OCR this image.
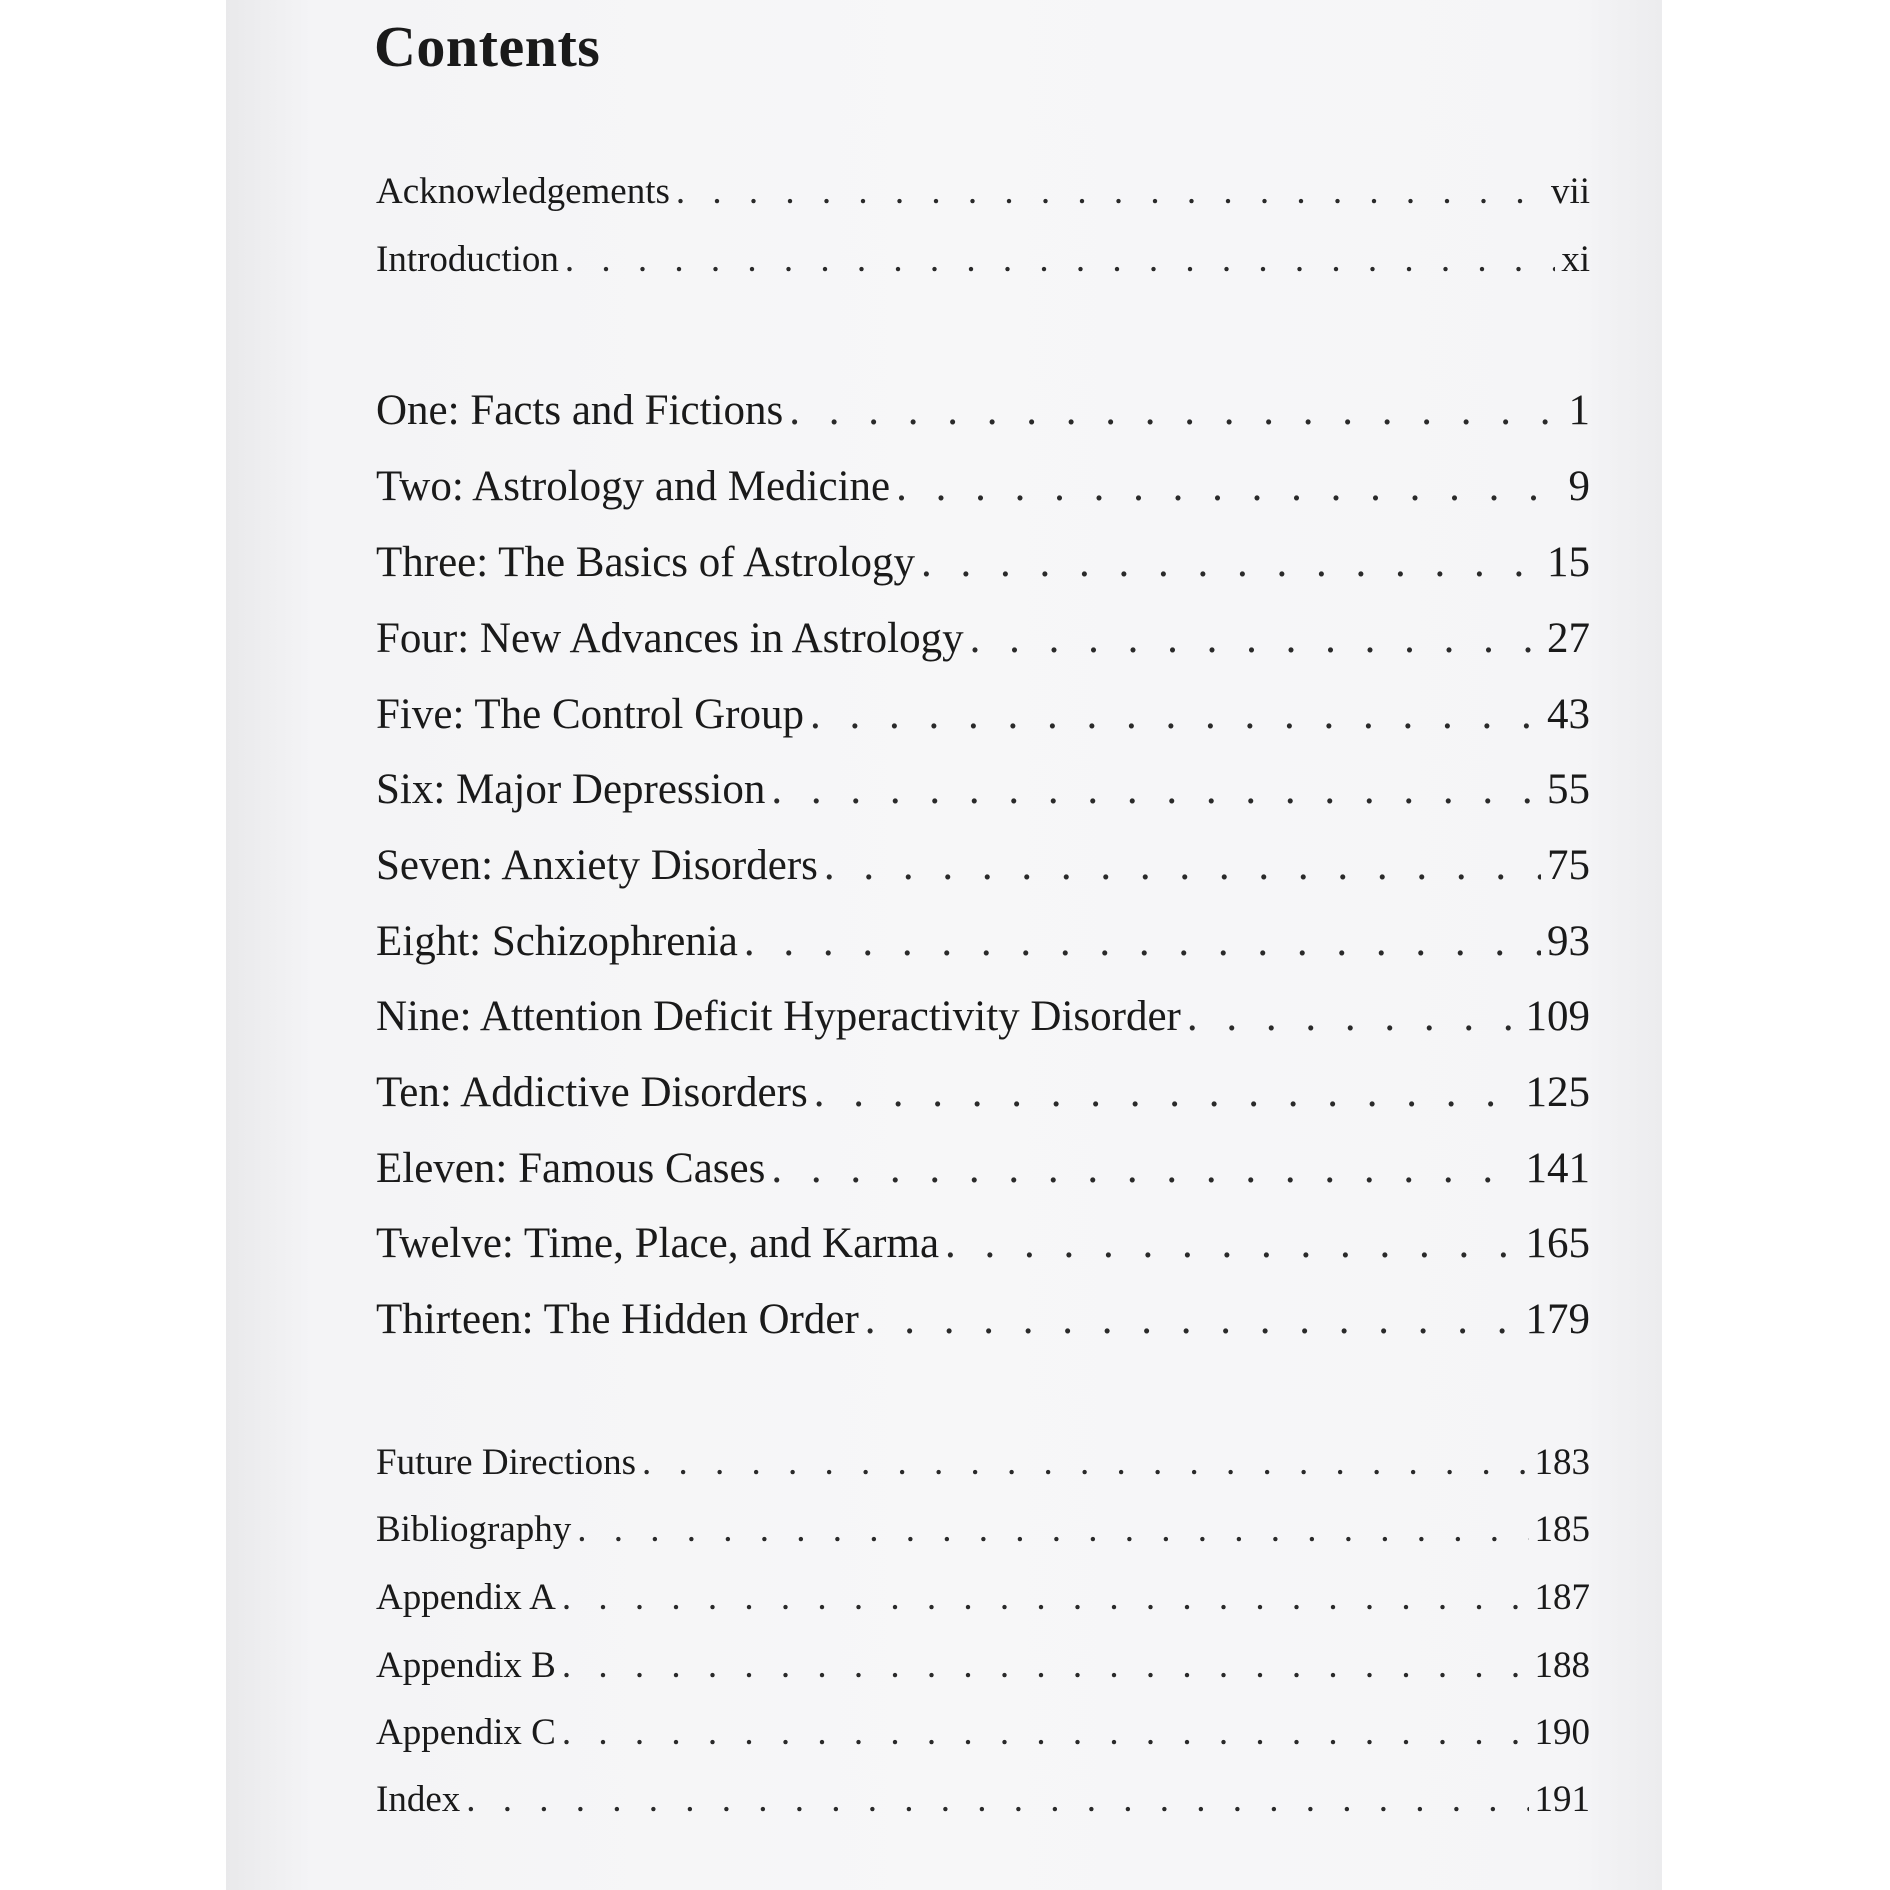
Contents
Acknowledgements . . .	vii
Introduction . . .	xi
One: Facts and Fictions . . .	1
Two: Astrology and Medicine . . .	9
Three: The Basics of Astrology . . .	15
Four: New Advances in Astrology . . .	27
Five: The Control Group . . .	43
Six: Major Depression . . .	55
Seven: Anxiety Disorders . . .	75
Eight: Schizophrenia . . .	93
Nine: Attention Deficit Hyperactivity Disorder . . .	109
Ten: Addictive Disorders . . .	125
Eleven: Famous Cases . . .	141
Twelve: Time, Place, and Karma . . .	165
Thirteen: The Hidden Order . . .	179
Future Directions . . .	183
Bibliography . . .	185
Appendix A . . .	187
Appendix B . . .	188
Appendix C . . .	190
Index . . .	191
